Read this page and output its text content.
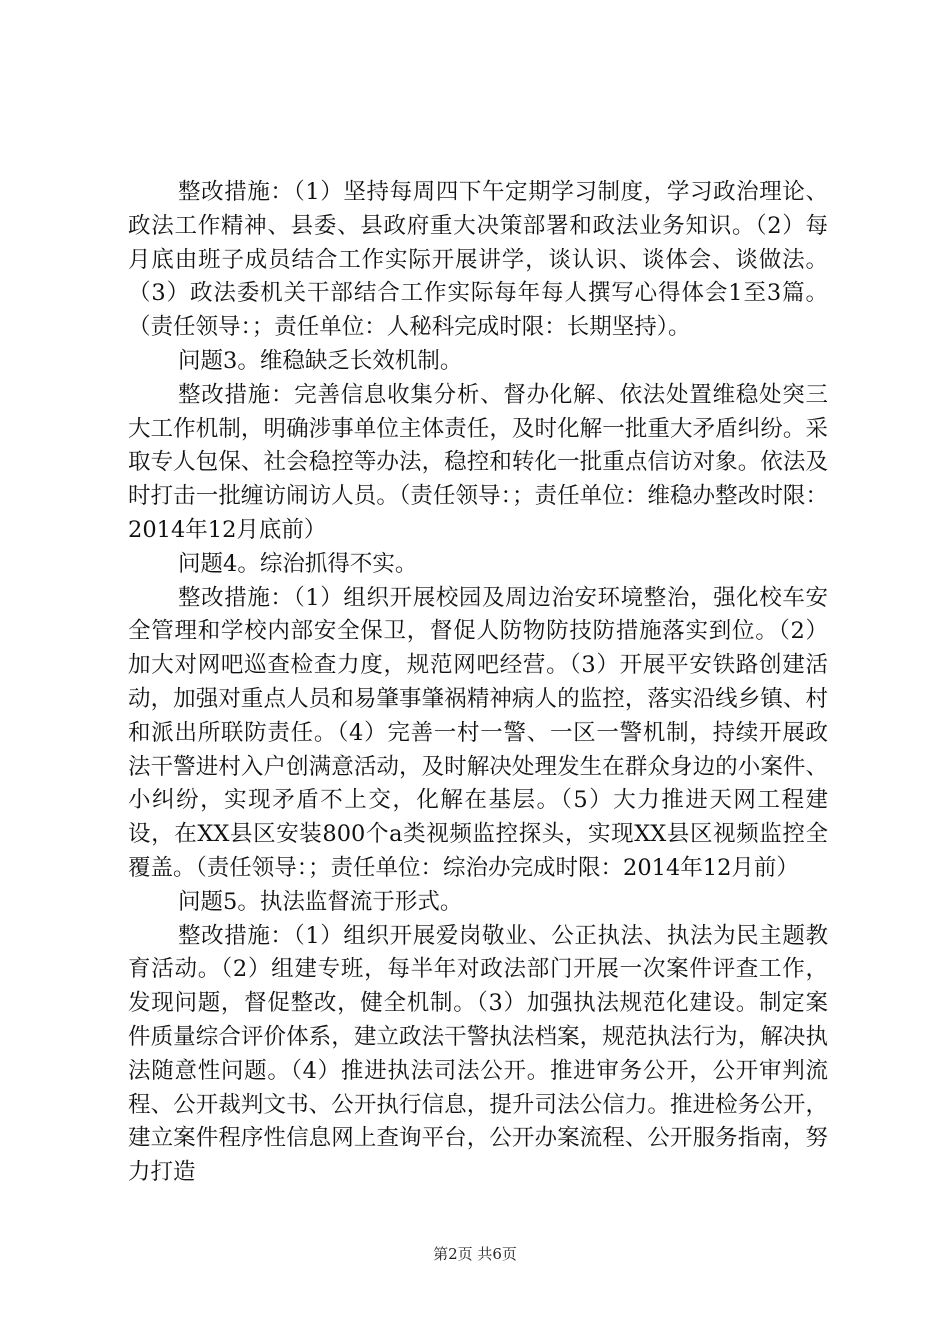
整改措施：（1）坚持每周四下午定期学习制度，学习政治理论、政法工作精神、县委、县政府重大决策部署和政法业务知识。（2）每月底由班子成员结合工作实际开展讲学，谈认识、谈体会、谈做法。（3）政法委机关干部结合工作实际每年每人撰写心得体会1至3篇。（责任领导：；责任单位：人秘科完成时限：长期坚持）。

问题3。维稳缺乏长效机制。

整改措施：完善信息收集分析、督办化解、依法处置维稳处突三大工作机制，明确涉事单位主体责任，及时化解一批重大矛盾纠纷。采取专人包保、社会稳控等办法，稳控和转化一批重点信访对象。依法及时打击一批缠访闹访人员。（责任领导：；责任单位：维稳办整改时限：2014年12月底前）

问题4。综治抓得不实。

整改措施：（1）组织开展校园及周边治安环境整治，强化校车安全管理和学校内部安全保卫，督促人防物防技防措施落实到位。（2）加大对网吧巡查检查力度，规范网吧经营。（3）开展平安铁路创建活动，加强对重点人员和易肇事肇祸精神病人的监控，落实沿线乡镇、村和派出所联防责任。（4）完善一村一警、一区一警机制，持续开展政法干警进村入户创满意活动，及时解决处理发生在群众身边的小案件、小纠纷，实现矛盾不上交，化解在基层。（5）大力推进天网工程建设，在XX县区安装800个a类视频监控探头，实现XX县区视频监控全覆盖。（责任领导：；责任单位：综治办完成时限：2014年12月前）

问题5。执法监督流于形式。

整改措施：（1）组织开展爱岗敬业、公正执法、执法为民主题教育活动。（2）组建专班，每半年对政法部门开展一次案件评查工作，发现问题，督促整改，健全机制。（3）加强执法规范化建设。制定案件质量综合评价体系，建立政法干警执法档案，规范执法行为，解决执法随意性问题。（4）推进执法司法公开。推进审务公开，公开审判流程、公开裁判文书、公开执行信息，提升司法公信力。推进检务公开，建立案件程序性信息网上查询平台，公开办案流程、公开服务指南，努力打造

第2页 共6页
